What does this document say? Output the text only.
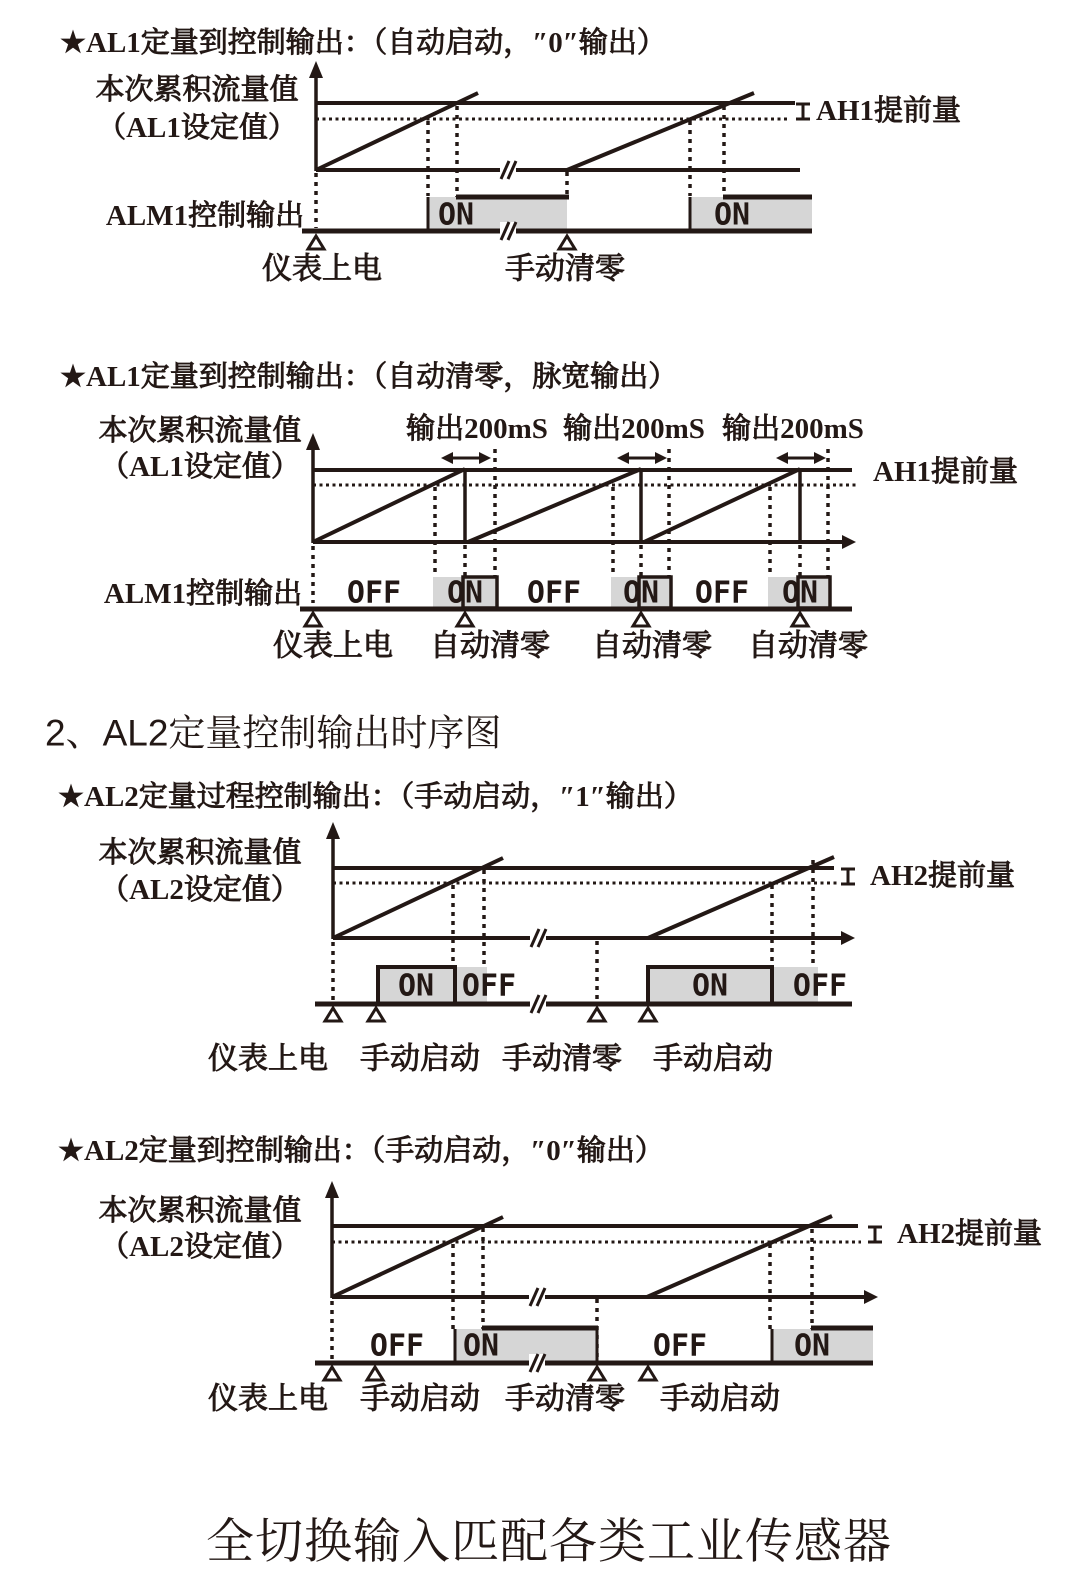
★AL1定量到控制输出：（自动启动，″0″输出）
本次累积流量值
（AL1设定值）
AH1提前量
ON	ON
ALM1控制输出
仪表上电	手动清零
★AL1定量到控制输出：（自动清零，脉宽输出）
输出200mS 输出200mS 输出200mS
本次累积流量值
（AL1设定值）	AH1提前量
OFF ON OFF ON OFF ON
ALM1控制输出
仪表上电 自动清零 自动清零 自动清零
2、AL2定量控制输出时序图
★AL2定量过程控制输出：（手动启动，″1″输出）
本次累积流量值
（AL2设定值）	AH2提前量
ON OFF	ON OFF
仪表上电 手动启动 手动清零 手动启动
★AL2定量到控制输出：（手动启动，″0″输出）
本次累积流量值
（AL2设定值）	AH2提前量
OFF ON	OFF	ON
仪表上电 手动启动 手动清零 手动启动
全切换输入匹配各类工业传感器
